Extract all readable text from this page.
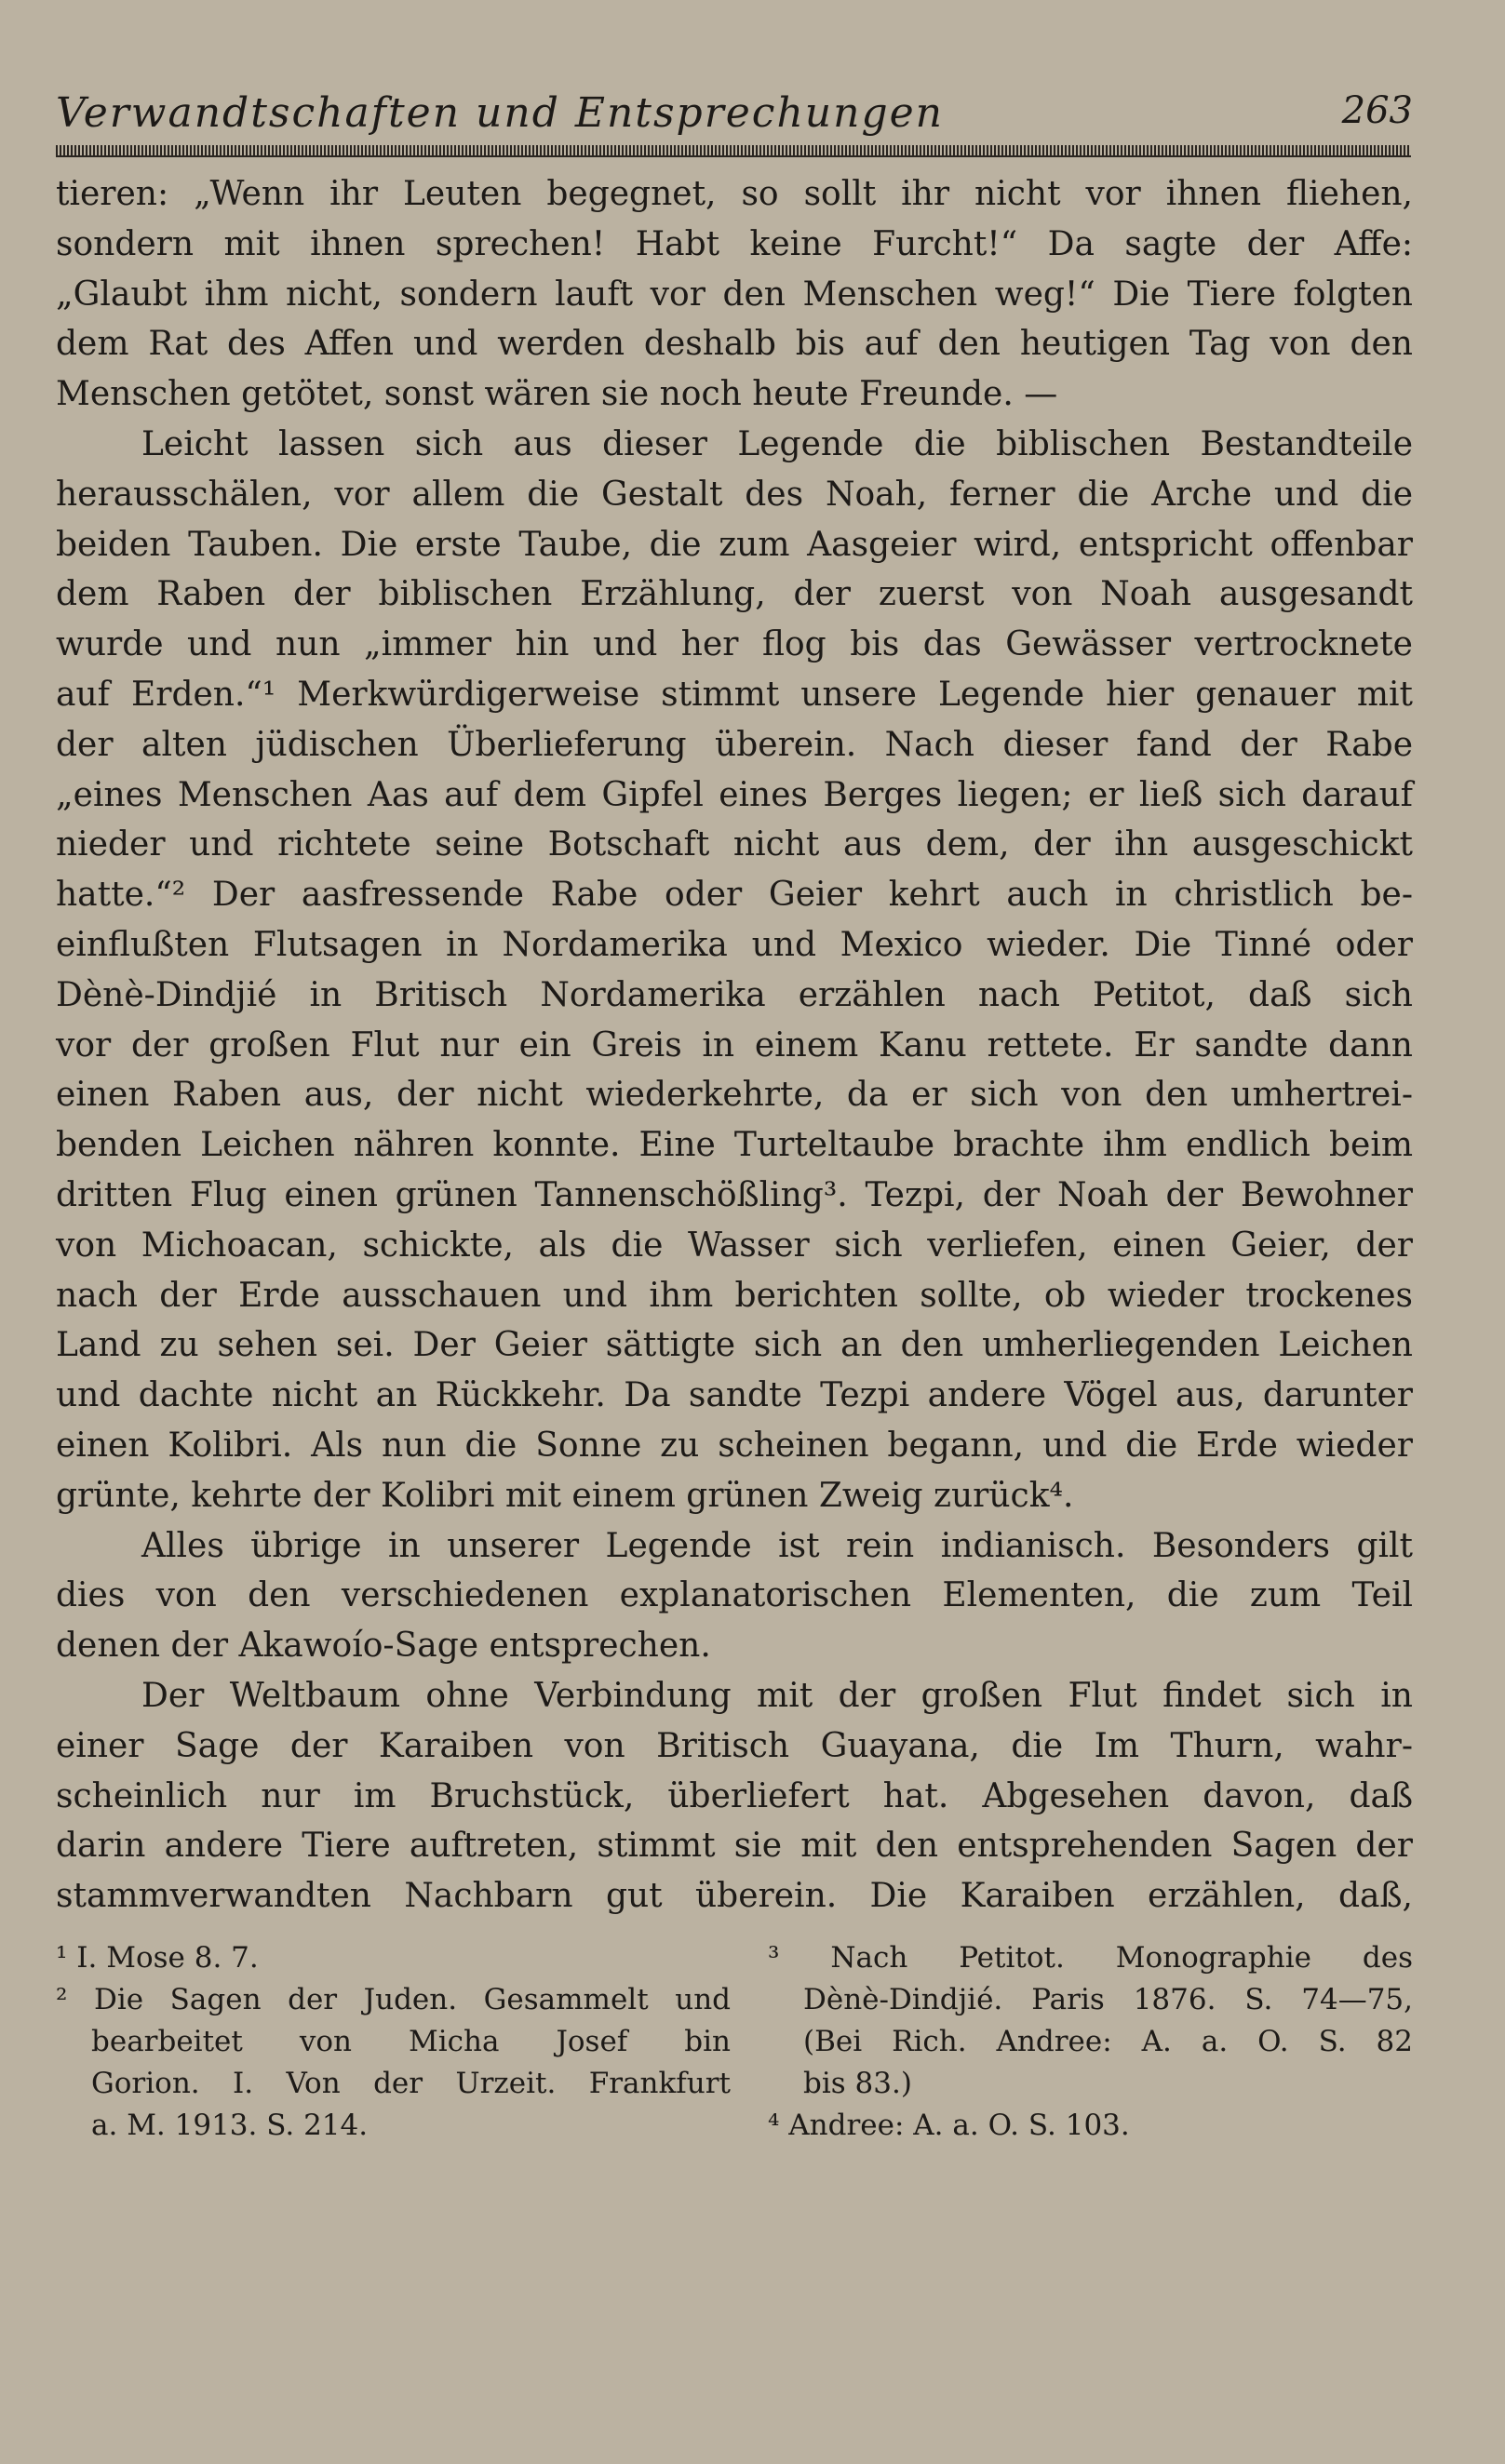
Verwandtschaften und Entsprechungen	263
tieren: „Wenn ihr Leuten begegnet, so sollt ihr nicht vor ihnen fliehen,
sondern mit ihnen sprechen! Habt keine Furcht!“ Da sagte der Affe:
„Glaubt ihm nicht, sondern lauft vor den Menschen weg!“ Die Tiere folgten
dem Rat des Affen und werden deshalb bis auf den heutigen Tag von den
Menschen getötet, sonst wären sie noch heute Freunde. —
Leicht lassen sich aus dieser Legende die biblischen Bestandteile
herausschälen, vor allem die Gestalt des Noah, ferner die Arche und die
beiden Tauben. Die erste Taube, die zum Aasgeier wird, entspricht offenbar
dem Raben der biblischen Erzählung, der zuerst von Noah ausgesandt
wurde und nun „immer hin und her flog bis das Gewässer vertrocknete
auf Erden.“¹ Merkwürdigerweise stimmt unsere Legende hier genauer mit
der alten jüdischen Überlieferung überein. Nach dieser fand der Rabe
„eines Menschen Aas auf dem Gipfel eines Berges liegen; er ließ sich darauf
nieder und richtete seine Botschaft nicht aus dem, der ihn ausgeschickt
hatte.“² Der aasfressende Rabe oder Geier kehrt auch in christlich be-
einflußten Flutsagen in Nordamerika und Mexico wieder. Die Tinné oder
Dènè-Dindjié in Britisch Nordamerika erzählen nach Petitot, daß sich
vor der großen Flut nur ein Greis in einem Kanu rettete. Er sandte dann
einen Raben aus, der nicht wiederkehrte, da er sich von den umhertrei-
benden Leichen nähren konnte. Eine Turteltaube brachte ihm endlich beim
dritten Flug einen grünen Tannenschößling³. Tezpi, der Noah der Bewohner
von Michoacan, schickte, als die Wasser sich verliefen, einen Geier, der
nach der Erde ausschauen und ihm berichten sollte, ob wieder trockenes
Land zu sehen sei. Der Geier sättigte sich an den umherliegenden Leichen
und dachte nicht an Rückkehr. Da sandte Tezpi andere Vögel aus, darunter
einen Kolibri. Als nun die Sonne zu scheinen begann, und die Erde wieder
grünte, kehrte der Kolibri mit einem grünen Zweig zurück⁴.
Alles übrige in unserer Legende ist rein indianisch. Besonders gilt
dies von den verschiedenen explanatorischen Elementen, die zum Teil
denen der Akawoío-Sage entsprechen.
Der Weltbaum ohne Verbindung mit der großen Flut findet sich in
einer Sage der Karaiben von Britisch Guayana, die Im Thurn, wahr-
scheinlich nur im Bruchstück, überliefert hat. Abgesehen davon, daß
darin andere Tiere auftreten, stimmt sie mit den entsprehenden Sagen der
stammverwandten Nachbarn gut überein. Die Karaiben erzählen, daß,
¹ I. Mose 8. 7.
² Die Sagen der Juden. Gesammelt und
bearbeitet von Micha Josef bin
Gorion. I. Von der Urzeit. Frankfurt
a. M. 1913. S. 214.
³ Nach Petitot. Monographie des
Dènè-Dindjié. Paris 1876. S. 74—75,
(Bei Rich. Andree: A. a. O. S. 82
bis 83.)
⁴ Andree: A. a. O. S. 103.
